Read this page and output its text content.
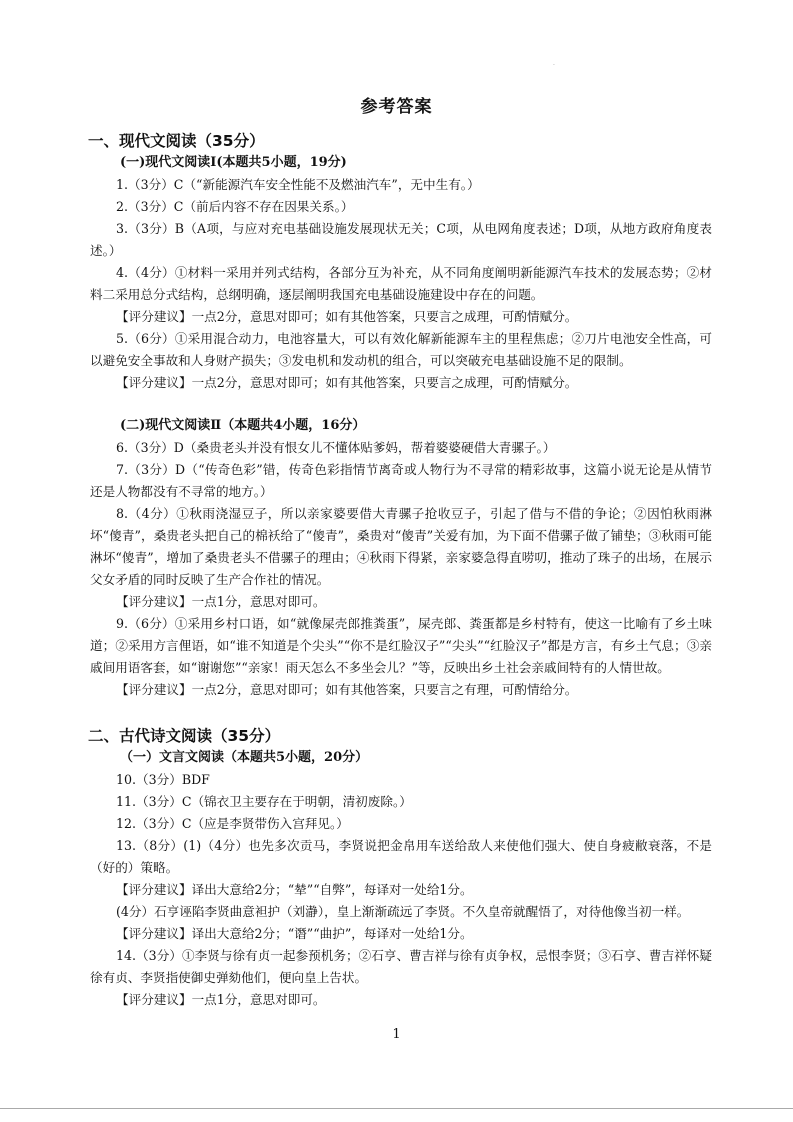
.
参考答案
一、现代文阅读（35分）
(一)现代文阅读Ⅰ(本题共5小题，19分)
1.（3分）C（“新能源汽车安全性能不及燃油汽车”，无中生有。）
2.（3分）C（前后内容不存在因果关系。）
3.（3分）B（A项，与应对充电基础设施发展现状无关；C项，从电网角度表述；D项，从地方政府角度表述。）
4.（4分）①材料一采用并列式结构，各部分互为补充，从不同角度阐明新能源汽车技术的发展态势；②材料二采用总分式结构，总纲明确，逐层阐明我国充电基础设施建设中存在的问题。
【评分建议】一点2分，意思对即可；如有其他答案，只要言之成理，可酌情赋分。
5.（6分）①采用混合动力，电池容量大，可以有效化解新能源车主的里程焦虑；②刀片电池安全性高，可以避免安全事故和人身财产损失；③发电机和发动机的组合，可以突破充电基础设施不足的限制。
【评分建议】一点2分，意思对即可；如有其他答案，只要言之成理，可酌情赋分。
(二)现代文阅读Ⅱ（本题共4小题，16分）
6.（3分）D（桑贵老头并没有恨女儿不懂体贴爹妈，帮着婆婆硬借大青骡子。）
7.（3分）D（“传奇色彩”错，传奇色彩指情节离奇或人物行为不寻常的精彩故事，这篇小说无论是从情节还是人物都没有不寻常的地方。）
8.（4分）①秋雨浇湿豆子，所以亲家婆要借大青骡子抢收豆子，引起了借与不借的争论；②因怕秋雨淋坏“傻青”，桑贵老头把自己的棉袄给了“傻青”，桑贵对“傻青”关爱有加，为下面不借骡子做了铺垫；③秋雨可能淋坏“傻青”，增加了桑贵老头不借骡子的理由；④秋雨下得紧，亲家婆急得直唠叨，推动了珠子的出场，在展示父女矛盾的同时反映了生产合作社的情况。
【评分建议】一点1分，意思对即可。
9.（6分）①采用乡村口语，如“就像屎壳郎推粪蛋”，屎壳郎、粪蛋都是乡村特有，使这一比喻有了乡土味道；②采用方言俚语，如“谁不知道是个尖头”“你不是红脸汉子”“尖头”“红脸汉子”都是方言，有乡土气息；③亲戚间用语客套，如“谢谢您”“亲家！雨天怎么不多坐会儿？”等，反映出乡土社会亲戚间特有的人情世故。
【评分建议】一点2分，意思对即可；如有其他答案，只要言之有理，可酌情给分。
二、古代诗文阅读（35分）
（一）文言文阅读（本题共5小题，20分）
10.（3分）BDF
11.（3分）C（锦衣卫主要存在于明朝，清初废除。）
12.（3分）C（应是李贤带伤入宫拜见。）
13.（8分）(1)（4分）也先多次贡马，李贤说把金帛用车送给敌人来使他们强大、使自身疲敝衰落，不是（好的）策略。
【评分建议】译出大意给2分；“辇”“自弊”，每译对一处给1分。
(4分）石亨诬陷李贤曲意袒护（刘瀞），皇上渐渐疏远了李贤。不久皇帝就醒悟了，对待他像当初一样。
【评分建议】译出大意给2分；“谮”“曲护”，每译对一处给1分。
14.（3分）①李贤与徐有贞一起参预机务；②石亨、曹吉祥与徐有贞争权，忌恨李贤；③石亨、曹吉祥怀疑徐有贞、李贤指使御史弹劾他们，便向皇上告状。
【评分建议】一点1分，意思对即可。
1
